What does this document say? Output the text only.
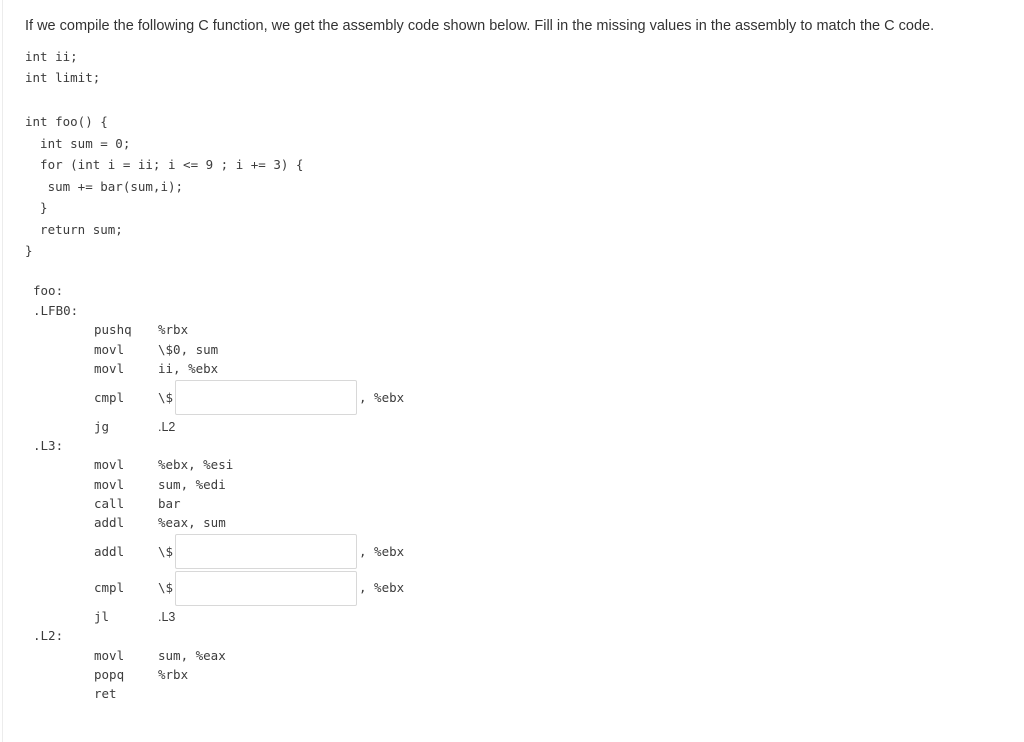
If we compile the following C function, we get the assembly code shown below. Fill in the missing values in the assembly to match the C code.
int ii;
int limit;
int foo() {
int sum = 0;
for (int i = ii; i <= 9 ; i += 3) {
sum += bar(sum,i);
}
return sum;
}
foo:
.LFB0:
pushq %rbx
movl	\$0, sum
movl	ii, %ebx
cmpl	\$	, %ebx
jg	.L2
.L3:
movl	%ebx, %esi
movl	sum, %edi
call	bar
addl	%eax, sum
addl	\$	, %ebx
cmpl	\$	, %ebx
jl	.L3
.L2:
movl	sum, %eax
popq	%rbx
ret
